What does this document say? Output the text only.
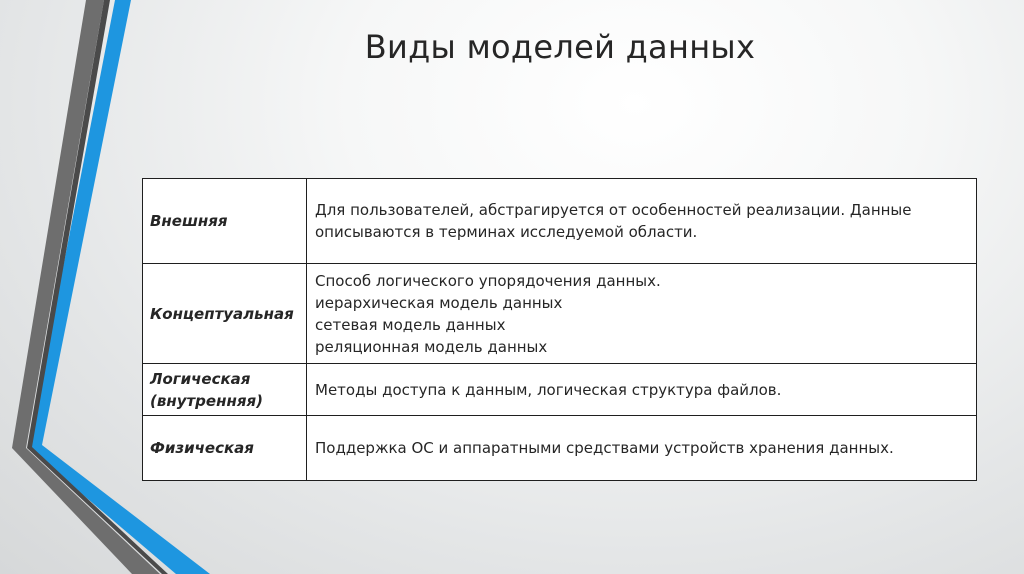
Виды моделей данных
Внешняя	Для пользователей, абстрагируется от особенностей реализации. Данные
описываются в терминах исследуемой области.

Концептуальная	Способ логического упорядочения данных.
иерархическая модель данных
сетевая модель данных
реляционная модель данных

Логическая
(внутренняя)	Методы доступа к данным, логическая структура файлов.

Физическая	Поддержка ОС и аппаратными средствами устройств хранения данных.
